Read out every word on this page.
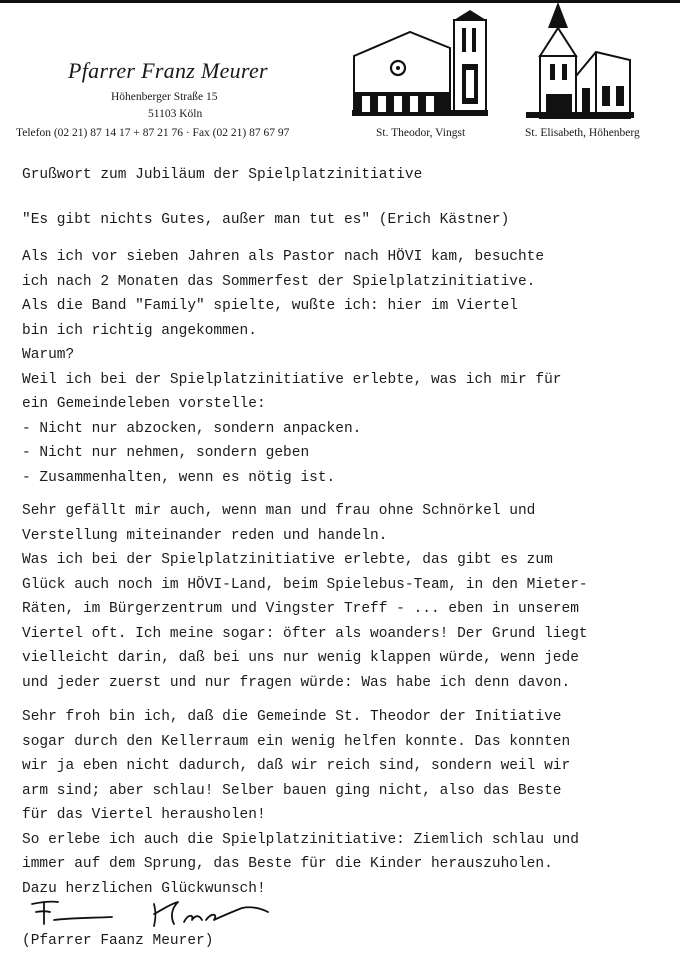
Pfarrer Franz Meurer
Höhenberger Straße 15
51103 Köln
Telefon (02 21) 87 14 17 + 87 21 76 · Fax (02 21) 87 67 97	St. Theodor, Vingst	St. Elisabeth, Höhenberg
Grußwort zum Jubiläum der Spielplatzinitiative
"Es gibt nichts Gutes, außer man tut es" (Erich Kästner)
Als ich vor sieben Jahren als Pastor nach HÖVI kam, besuchte
ich nach 2 Monaten das Sommerfest der Spielplatzinitiative.
Als die Band "Family" spielte, wußte ich: hier im Viertel
bin ich richtig angekommen.
Warum?
Weil ich bei der Spielplatzinitiative erlebte, was ich mir für
ein Gemeindeleben vorstelle:
- Nicht nur abzocken, sondern anpacken.
- Nicht nur nehmen, sondern geben
- Zusammenhalten, wenn es nötig ist.
Sehr gefällt mir auch, wenn man und frau ohne Schnörkel und
Verstellung miteinander reden und handeln.
Was ich bei der Spielplatzinitiative erlebte, das gibt es zum
Glück auch noch im HÖVI-Land, beim Spielebus-Team, in den Mieter-
Räten, im Bürgerzentrum und Vingster Treff - ... eben in unserem
Viertel oft. Ich meine sogar: öfter als woanders! Der Grund liegt
vielleicht darin, daß bei uns nur wenig klappen würde, wenn jede
und jeder zuerst und nur fragen würde: Was habe ich denn davon.
Sehr froh bin ich, daß die Gemeinde St. Theodor der Initiative
sogar durch den Kellerraum ein wenig helfen konnte. Das konnten
wir ja eben nicht dadurch, daß wir reich sind, sondern weil wir
arm sind; aber schlau! Selber bauen ging nicht, also das Beste
für das Viertel herausholen!
So erlebe ich auch die Spielplatzinitiative: Ziemlich schlau und
immer auf dem Sprung, das Beste für die Kinder herauszuholen.
Dazu herzlichen Glückwunsch!
(Pfarrer Faanz Meurer)
